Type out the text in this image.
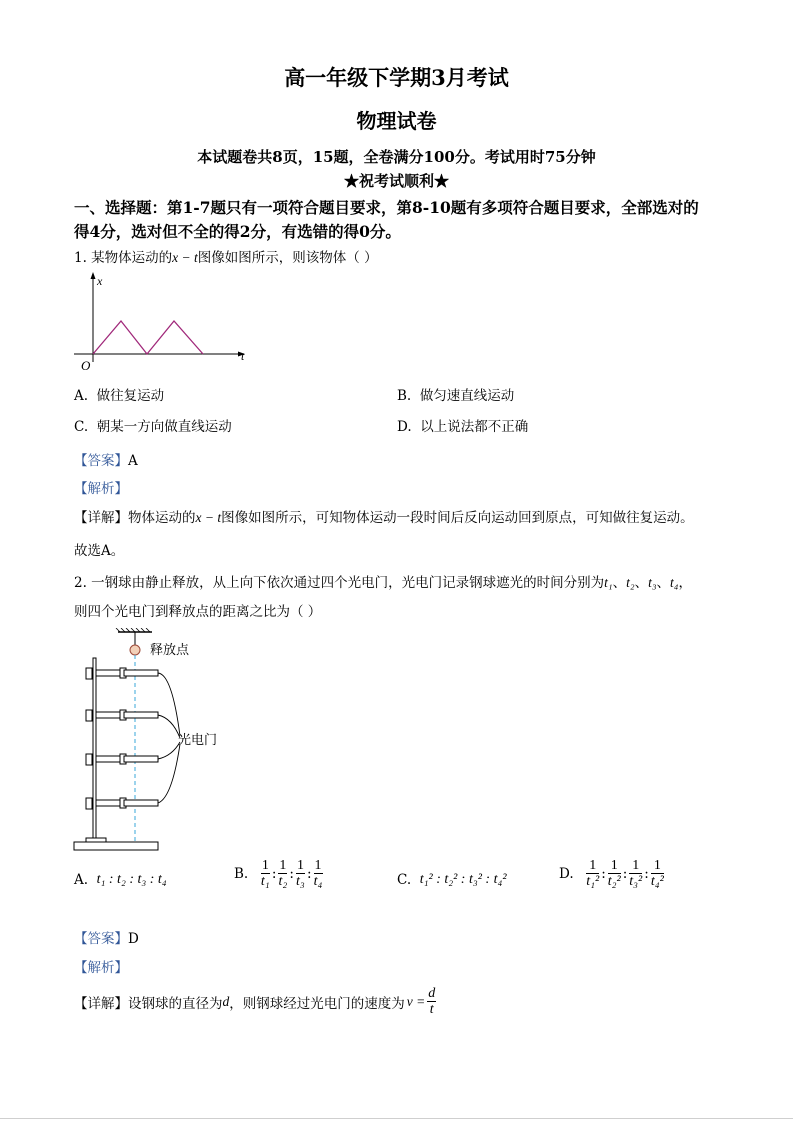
高一年级下学期3月考试
物理试卷
本试题卷共8页，15题，全卷满分100分。考试用时75分钟
★祝考试顺利★
一、选择题：第1-7题只有一项符合题目要求，第8-10题有多项符合题目要求，全部选对的
得4分，选对但不全的得2分，有选错的得0分。
1. 某物体运动的x − t图像如图所示，则该物体（ ）
x
t
O
A. 做往复运动	B. 做匀速直线运动
C. 朝某一方向做直线运动	D. 以上说法都不正确
【答案】A
【解析】
【详解】物体运动的x − t图像如图所示，可知物体运动一段时间后反向运动回到原点，可知做往复运动。
故选A。
2. 一钢球由静止释放，从上向下依次通过四个光电门，光电门记录钢球遮光的时间分别为t₁、t₂、t₃、t₄，
则四个光电门到释放点的距离之比为（ ）
释放点
光电门
A.
t₁ : t₂ : t₃ : t₄	B.
$\frac{1}{\text{t₁}}$ : $\frac{1}{\text{t₂}}$ : $\frac{1}{\text{t₃}}$ : $\frac{1}{\text{t₄}}$	C.
t₁² : t₂² : t₃² : t₄²	D.
$\frac{1}{\text{t₁²}}$ : $\frac{1}{\text{t₂²}}$ : $\frac{1}{\text{t₃²}}$ : $\frac{1}{\text{t₄²}}$
【答案】D
【解析】
【详解】 设钢球的直径为 d ，则钢球经过光电门的速度为 $v = \frac{d}{t}$
